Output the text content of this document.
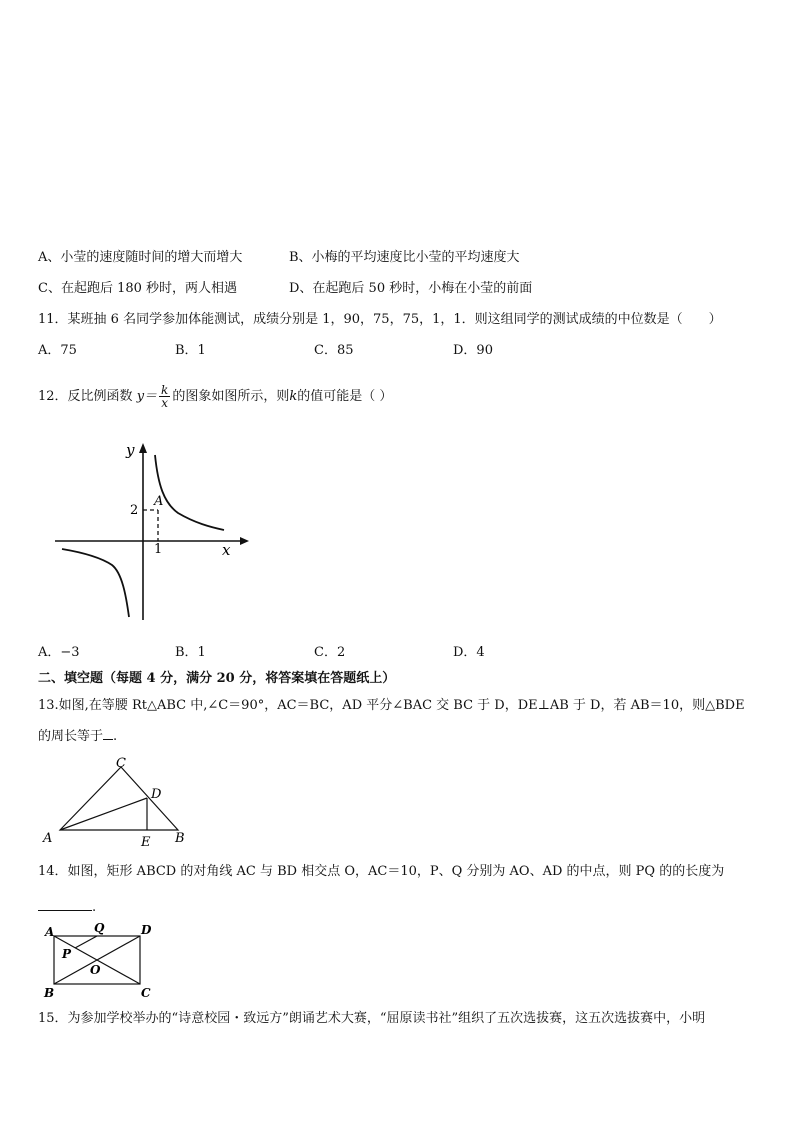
A、小莹的速度随时间的增大而增大	B、小梅的平均速度比小莹的平均速度大
C、在起跑后 180 秒时，两人相遇	D、在起跑后 50 秒时，小梅在小莹的前面
11．某班抽 6 名同学参加体能测试，成绩分别是 1，90，75，75，1，1．则这组同学的测试成绩的中位数是（　　）
A．75	B．1	C．85	D．90
12．反比例函数 $y= \frac{k}{x}$ 的图象如图所示，则k的值可能是（ ）
y
x
A
2
1
A．−3	B．1	C．2	D．4
二、填空题（每题 4 分，满分 20 分，将答案填在答题纸上）
13.如图,在等腰 Rt△ABC 中,∠C＝90°，AC＝BC，AD 平分∠BAC 交 BC 于 D，DE⊥AB 于 D，若 AB＝10，则△BDE
的周长等于 .
C
D
A	E B
14．如图，矩形 ABCD 的对角线 AC 与 BD 相交点 O，AC＝10，P、Q 分别为 AO、AD 的中点，则 PQ 的的长度为
.
A	Q	D
P
O
B	C
15．为参加学校举办的“诗意校园・致远方”朗诵艺术大赛，“屈原读书社”组织了五次选拔赛，这五次选拔赛中，小明
